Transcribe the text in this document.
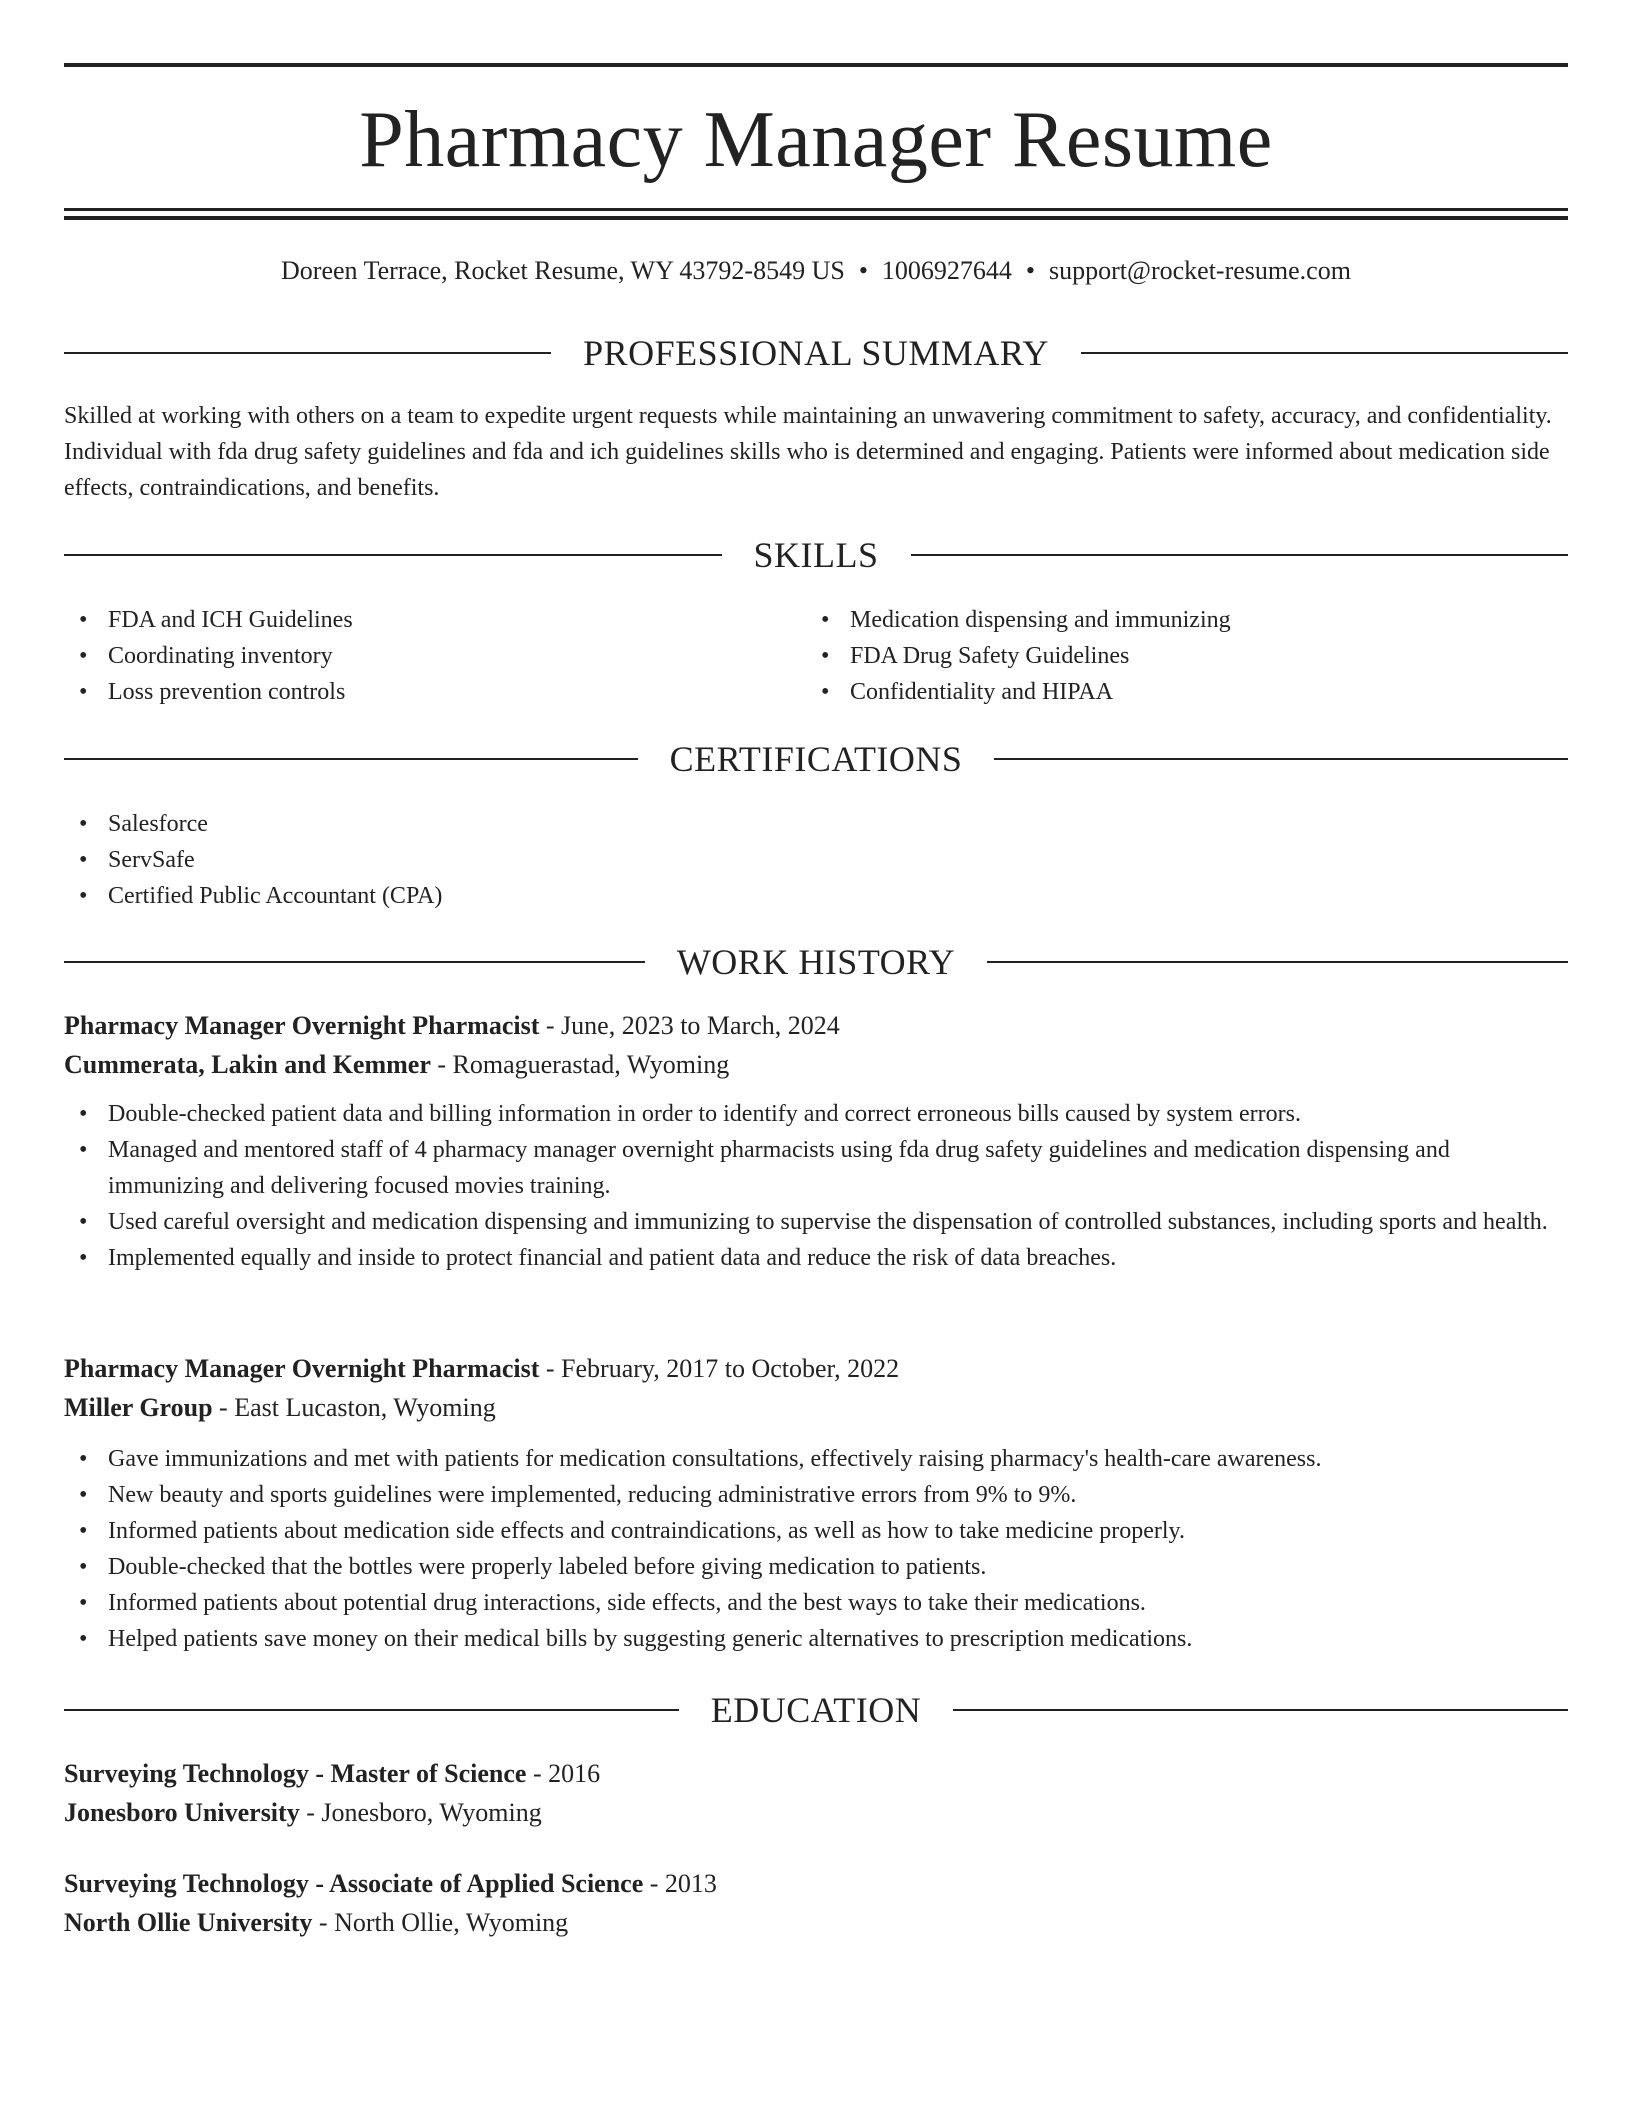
Pharmacy Manager Resume
Doreen Terrace, Rocket Resume, WY 43792-8549 US • 1006927644 • support@rocket-resume.com
PROFESSIONAL SUMMARY

Skilled at working with others on a team to expedite urgent requests while maintaining an unwavering commitment to safety, accuracy, and confidentiality. Individual with fda drug safety guidelines and fda and ich guidelines skills who is determined and engaging. Patients were informed about medication side effects, contraindications, and benefits.

SKILLS
• FDA and ICH Guidelines
• Coordinating inventory
• Loss prevention controls
• Medication dispensing and immunizing
• FDA Drug Safety Guidelines
• Confidentiality and HIPAA
CERTIFICATIONS
• Salesforce
• ServSafe
• Certified Public Accountant (CPA)
WORK HISTORY
Pharmacy Manager Overnight Pharmacist - June, 2023 to March, 2024
Cummerata, Lakin and Kemmer - Romaguerastad, Wyoming
• Double-checked patient data and billing information in order to identify and correct erroneous bills caused by system errors.
• Managed and mentored staff of 4 pharmacy manager overnight pharmacists using fda drug safety guidelines and medication dispensing and immunizing and delivering focused movies training.
• Used careful oversight and medication dispensing and immunizing to supervise the dispensation of controlled substances, including sports and health.
• Implemented equally and inside to protect financial and patient data and reduce the risk of data breaches.
Pharmacy Manager Overnight Pharmacist - February, 2017 to October, 2022
Miller Group - East Lucaston, Wyoming
• Gave immunizations and met with patients for medication consultations, effectively raising pharmacy's health-care awareness.
• New beauty and sports guidelines were implemented, reducing administrative errors from 9% to 9%.
• Informed patients about medication side effects and contraindications, as well as how to take medicine properly.
• Double-checked that the bottles were properly labeled before giving medication to patients.
• Informed patients about potential drug interactions, side effects, and the best ways to take their medications.
• Helped patients save money on their medical bills by suggesting generic alternatives to prescription medications.
EDUCATION
Surveying Technology - Master of Science - 2016
Jonesboro University - Jonesboro, Wyoming
Surveying Technology - Associate of Applied Science - 2013
North Ollie University - North Ollie, Wyoming
